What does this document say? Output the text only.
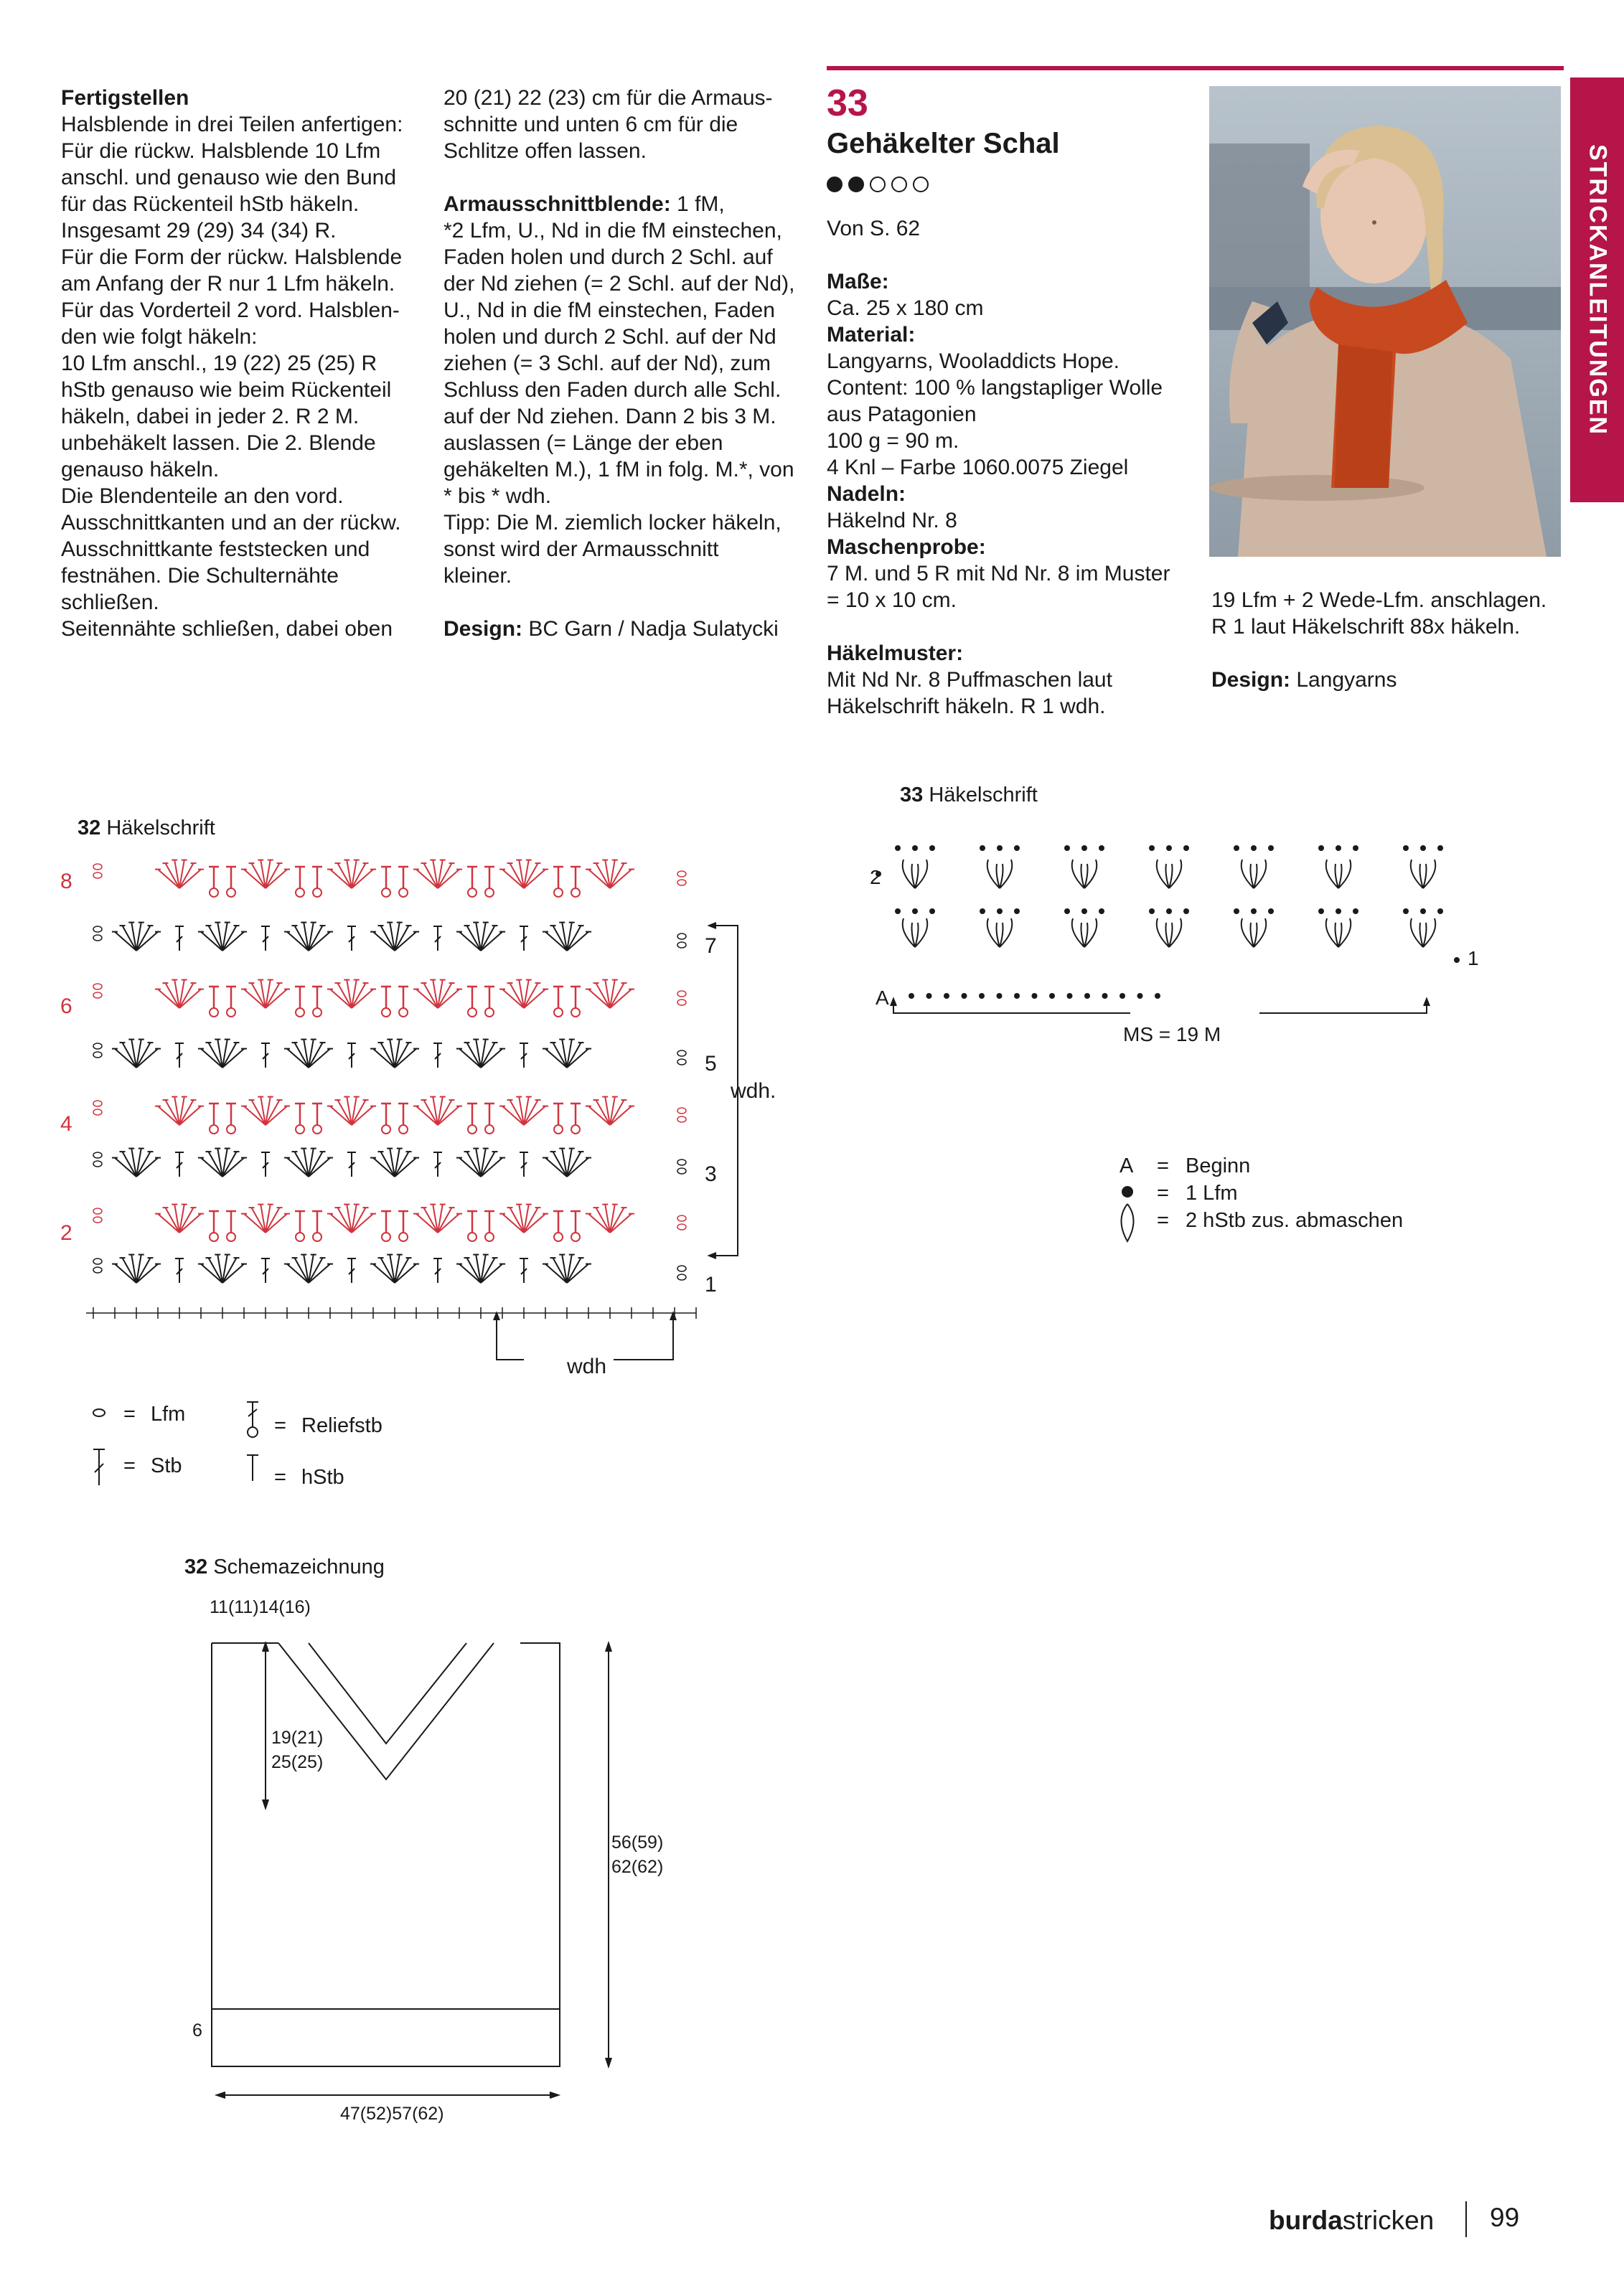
STRICKANLEITUNGEN

Fertigstellen

Halsblende in drei Teilen anfertigen:

Für die rückw. Halsblende 10 Lfm

anschl. und genauso wie den Bund

für das Rückenteil hStb häkeln.

Insgesamt 29 (29) 34 (34) R.

Für die Form der rückw. Halsblende

am Anfang der R nur 1 Lfm häkeln.

Für das Vorderteil 2 vord. Halsblen-

den wie folgt häkeln:

10 Lfm anschl., 19 (22) 25 (25) R

hStb genauso wie beim Rückenteil

häkeln, dabei in jeder 2. R 2 M.

unbehäkelt lassen. Die 2. Blende

genauso häkeln.

Die Blendenteile an den vord.

Ausschnittkanten und an der rückw.

Ausschnittkante feststecken und

festnähen. Die Schulternähte

schließen.

Seitennähte schließen, dabei oben

20 (21) 22 (23) cm für die Armaus-

schnitte und unten 6 cm für die

Schlitze offen lassen.

Armausschnittblende: 1 fM,

*2 Lfm, U., Nd in die fM einstechen,

Faden holen und durch 2 Schl. auf

der Nd ziehen (= 2 Schl. auf der Nd),

U., Nd in die fM einstechen, Faden

holen und durch 2 Schl. auf der Nd

ziehen (= 3 Schl. auf der Nd), zum

Schluss den Faden durch alle Schl.

auf der Nd ziehen. Dann 2 bis 3 M.

auslassen (= Länge der eben

gehäkelten M.), 1 fM in folg. M.*, von

* bis * wdh.

Tipp: Die M. ziemlich locker häkeln,

sonst wird der Armausschnitt

kleiner.

Design: BC Garn / Nadja Sulatycki

33
Gehäkelter Schal

Von S. 62

Maße:

Ca. 25 x 180 cm

Material:

Langyarns, Wooladdicts Hope.

Content: 100 % langstapliger Wolle

aus Patagonien

100 g = 90 m.

4 Knl – Farbe 1060.0075 Ziegel

Nadeln:

Häkelnd Nr. 8

Maschenprobe:

7 M. und 5 R mit Nd Nr. 8 im Muster

= 10 x 10 cm.

Häkelmuster:

Mit Nd Nr. 8 Puffmaschen laut

Häkelschrift häkeln. R 1 wdh.

19 Lfm + 2 Wede-Lfm. anschlagen.

R 1 laut Häkelschrift 88x häkeln.

Design: Langyarns

33 Häkelschrift
2
1
A
MS = 19 M
A =
=
=
Beginn
1 Lfm
2 hStb zus. abmaschen
32 Häkelschrift
8
6
4
2
7
5
3
1
wdh.
wdh
= Lfm
= Stb
= Reliefstb
= hStb
32 Schemazeichnung
11(11)14(16)
19(21)
25(25)
56(59)
62(62)
6
47(52)57(62)
burdastricken 99
